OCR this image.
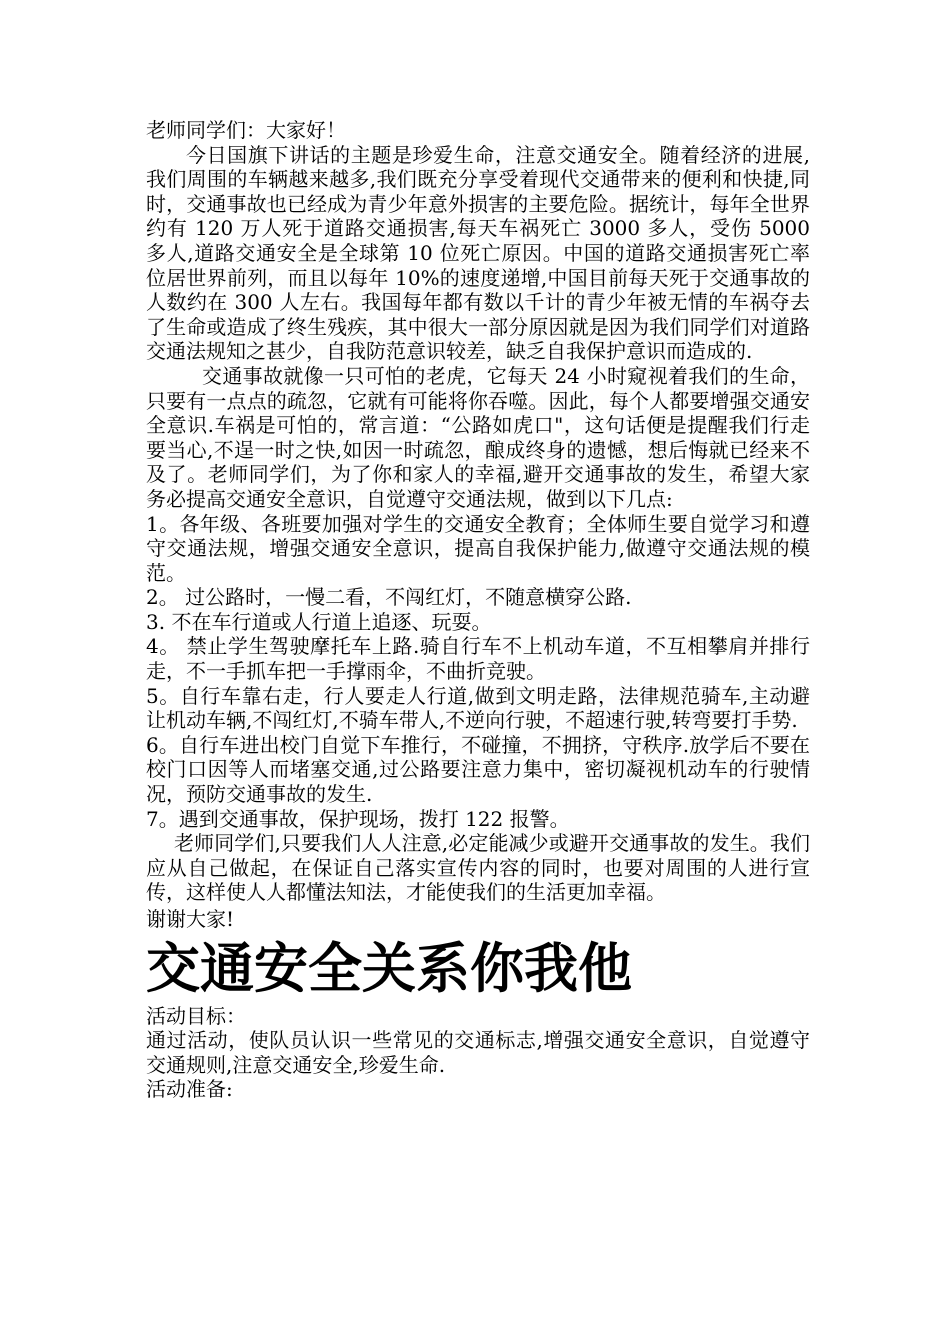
老师同学们：大家好！

今日国旗下讲话的主题是珍爱生命，注意交通安全。随着经济的进展,我们周围的车辆越来越多,我们既充分享受着现代交通带来的便利和快捷,同时，交通事故也已经成为青少年意外损害的主要危险。据统计，每年全世界约有 120 万人死于道路交通损害,每天车祸死亡 3000 多人，受伤 5000 多人,道路交通安全是全球第 10 位死亡原因。中国的道路交通损害死亡率位居世界前列，而且以每年 10%的速度递增,中国目前每天死于交通事故的人数约在 300 人左右。我国每年都有数以千计的青少年被无情的车祸夺去了生命或造成了终生残疾，其中很大一部分原因就是因为我们同学们对道路交通法规知之甚少，自我防范意识较差，缺乏自我保护意识而造成的.

交通事故就像一只可怕的老虎，它每天 24 小时窥视着我们的生命，只要有一点点的疏忽，它就有可能将你吞噬。因此，每个人都要增强交通安全意识.车祸是可怕的，常言道：“公路如虎口"，这句话便是提醒我们行走要当心,不逞一时之快,如因一时疏忽，酿成终身的遗憾，想后悔就已经来不及了。老师同学们，为了你和家人的幸福,避开交通事故的发生，希望大家务必提高交通安全意识，自觉遵守交通法规，做到以下几点:

1。各年级、各班要加强对学生的交通安全教育；全体师生要自觉学习和遵守交通法规，增强交通安全意识，提高自我保护能力,做遵守交通法规的模范。

2。 过公路时，一慢二看，不闯红灯，不随意横穿公路.

3. 不在车行道或人行道上追逐、玩耍。

4。 禁止学生驾驶摩托车上路.骑自行车不上机动车道，不互相攀肩并排行走，不一手抓车把一手撑雨伞，不曲折竞驶。

5。自行车靠右走，行人要走人行道,做到文明走路，法律规范骑车,主动避让机动车辆,不闯红灯,不骑车带人,不逆向行驶，不超速行驶,转弯要打手势.

6。自行车进出校门自觉下车推行，不碰撞，不拥挤，守秩序.放学后不要在校门口因等人而堵塞交通,过公路要注意力集中，密切凝视机动车的行驶情况，预防交通事故的发生.

7。遇到交通事故，保护现场，拨打 122 报警。

老师同学们,只要我们人人注意,必定能减少或避开交通事故的发生。我们应从自己做起，在保证自己落实宣传内容的同时，也要对周围的人进行宣传，这样使人人都懂法知法，才能使我们的生活更加幸福。

谢谢大家!

交通安全关系你我他

活动目标：

通过活动，使队员认识一些常见的交通标志,增强交通安全意识，自觉遵守交通规则,注意交通安全,珍爱生命.

活动准备:
